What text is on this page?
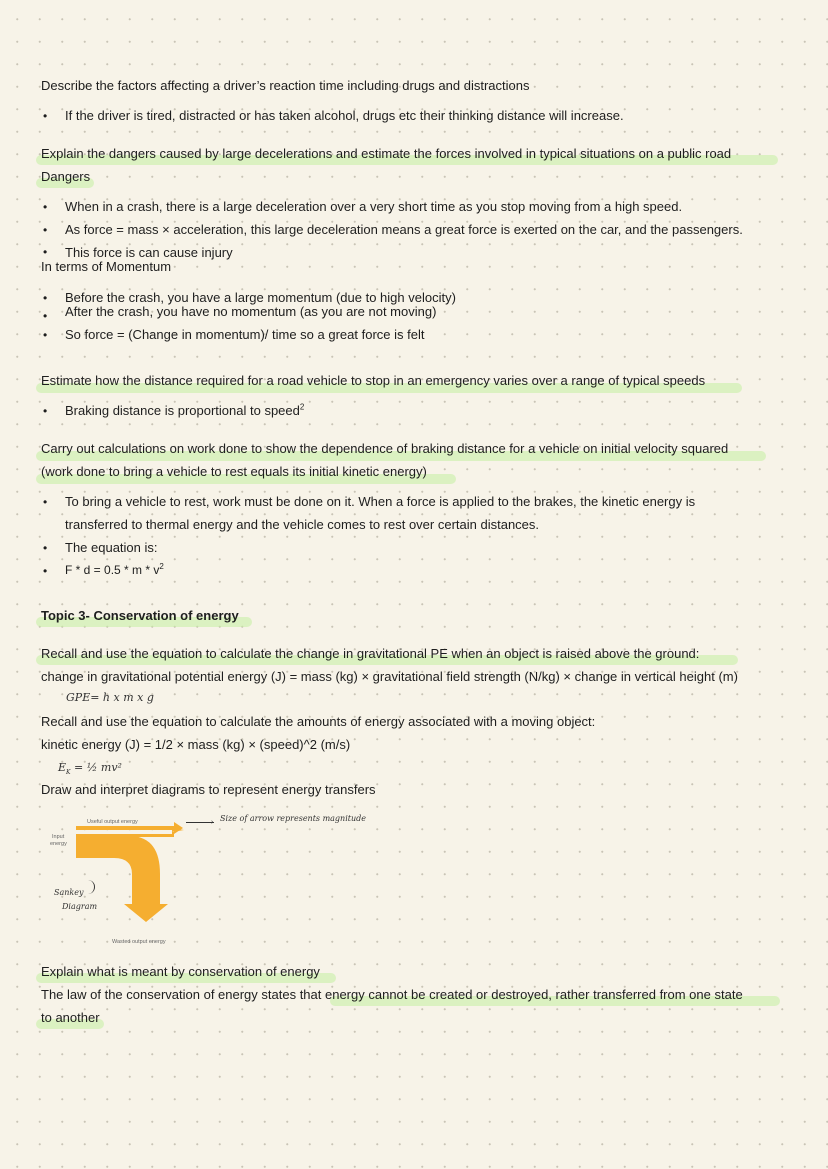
Describe the factors affecting a driver’s reaction time including drugs and distractions
• If the driver is tired, distracted or has taken alcohol, drugs etc their thinking distance will increase.
Explain the dangers caused by large decelerations and estimate the forces involved in typical situations on a public road
Dangers
• When in a crash, there is a large deceleration over a very short time as you stop moving from a high speed.
• As force = mass × acceleration, this large deceleration means a great force is exerted on the car, and the passengers.
• This force is can cause injury
In terms of Momentum
• Before the crash, you have a large momentum (due to high velocity)
• After the crash, you have no momentum (as you are not moving)
• So force = (Change in momentum)/ time so a great force is felt
Estimate how the distance required for a road vehicle to stop in an emergency varies over a range of typical speeds
• Braking distance is proportional to speed$^2$
Carry out calculations on work done to show the dependence of braking distance for a vehicle on initial velocity squared
(work done to bring a vehicle to rest equals its initial kinetic energy)
• To bring a vehicle to rest, work must be done on it. When a force is applied to the brakes, the kinetic energy is
transferred to thermal energy and the vehicle comes to rest over certain distances.
• The equation is:
• $F * d = 0.5 * m * v^2$
Topic 3- Conservation of energy
Recall and use the equation to calculate the change in gravitational PE when an object is raised above the ground:
change in gravitational potential energy (J) = mass (kg) × gravitational field strength (N/kg) × change in vertical height (m)
GPE= h x m x g
Recall and use the equation to calculate the amounts of energy associated with a moving object:
kinetic energy (J) = 1/2 × mass (kg) × (speed)^2 (m/s)
$E_K$ = ½ mv²
Draw and interpret diagrams to represent energy transfers
Useful output energy
Input
energy
Wasted output energy
› Size of arrow represents magnitude
Sankey
Diagram
Explain what is meant by conservation of energy
The law of the conservation of energy states that energy cannot be created or destroyed, rather transferred from one state
to another
